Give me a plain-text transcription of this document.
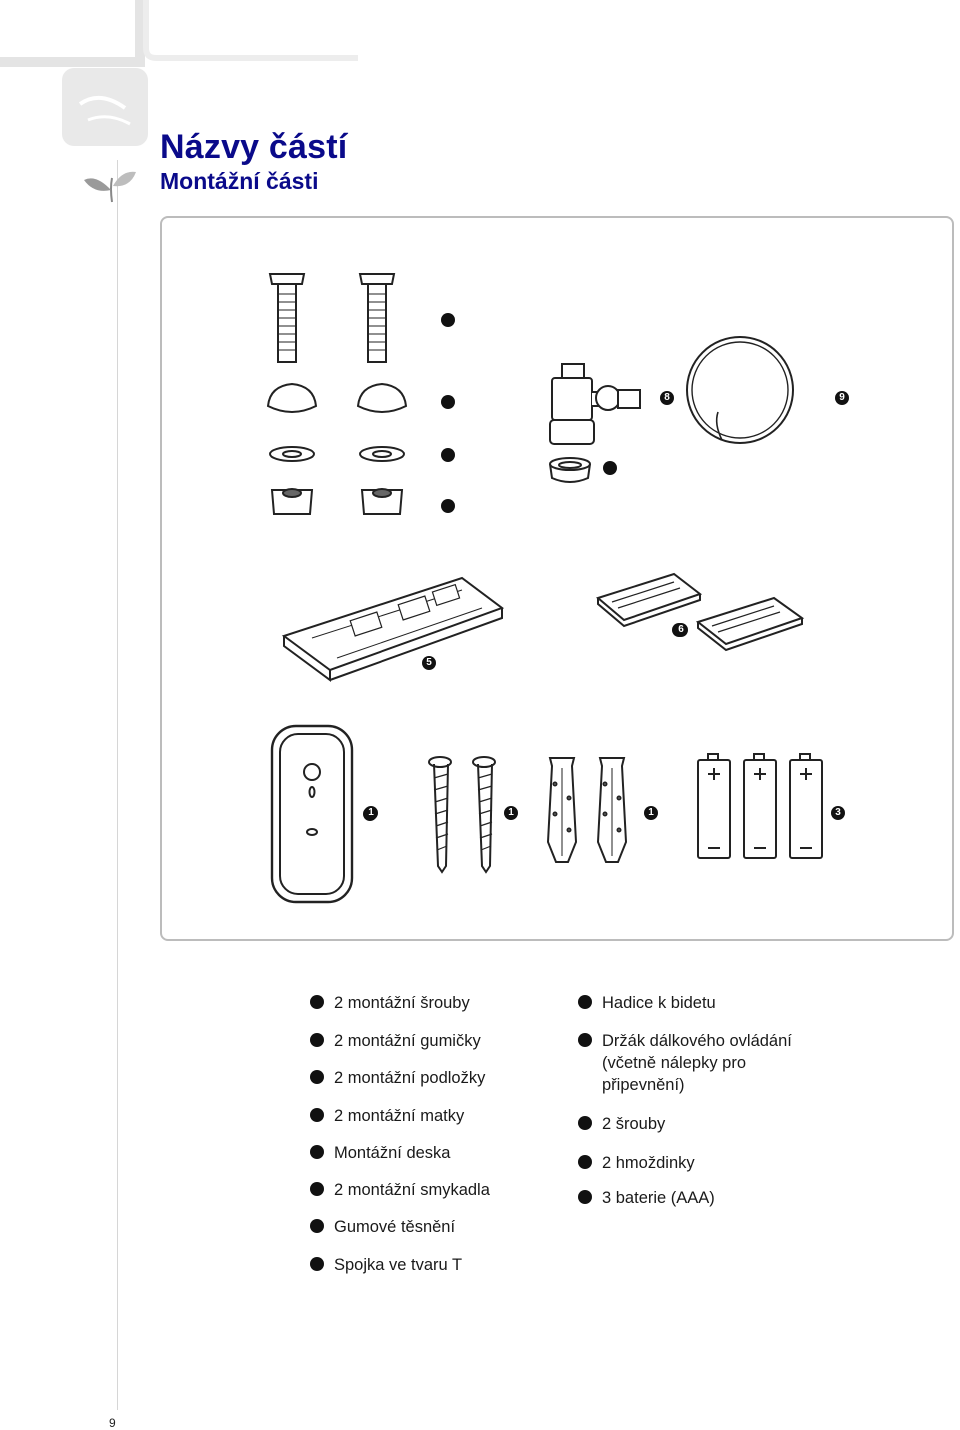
Názvy částí
Montážní části
8	9
6
5
1	1	1	3
2 montážní šrouby
2 montážní gumičky
2 montážní podložky
2 montážní matky
Montážní deska
2 montážní smykadla
Gumové těsnění
Spojka ve tvaru T
Hadice k bidetu
Držák dálkového ovládání
(včetně nálepky pro
připevnění)
2 šrouby
2 hmoždinky
3 baterie (AAA)
9
